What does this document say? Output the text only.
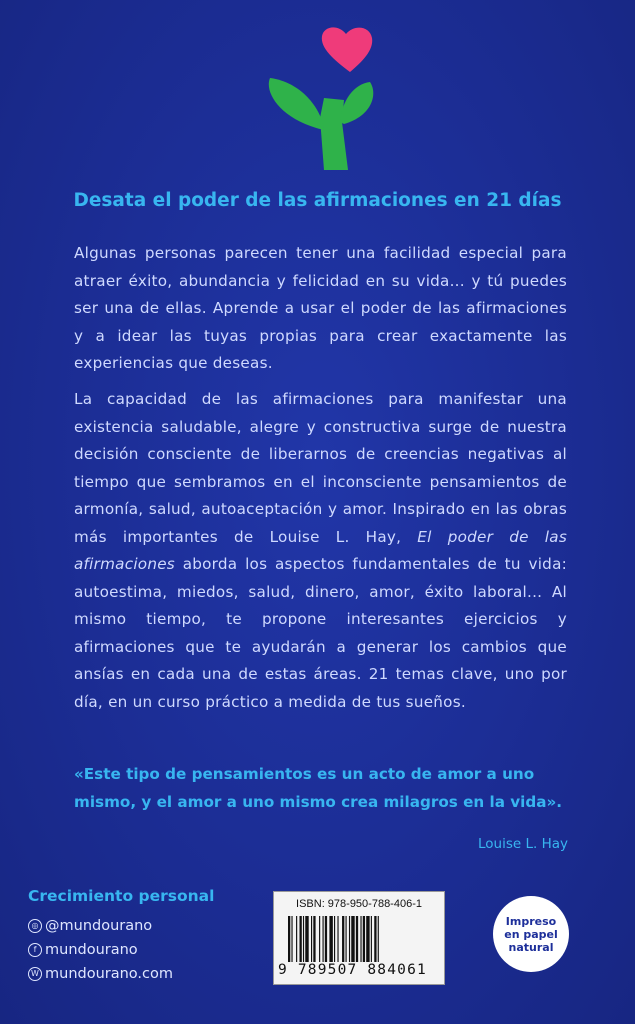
Desata el poder de las afirmaciones en 21 días
Algunas personas parecen tener una facilidad especial para atraer éxito, abundancia y felicidad en su vida... y tú puedes ser una de ellas. Aprende a usar el poder de las afirmaciones y a idear las tuyas propias para crear exactamente las experiencias que deseas.
La capacidad de las afirmaciones para manifestar una existencia saludable, alegre y constructiva surge de nuestra decisión consciente de liberarnos de creencias negativas al tiempo que sembramos en el inconsciente pensamientos de armonía, salud, autoaceptación y amor. Inspirado en las obras más importantes de Louise L. Hay, El poder de las afirmaciones aborda los aspectos fundamentales de tu vida: autoestima, miedos, salud, dinero, amor, éxito laboral... Al mismo tiempo, te propone interesantes ejercicios y afirmaciones que te ayudarán a generar los cambios que ansías en cada una de estas áreas. 21 temas clave, uno por día, en un curso práctico a medida de tus sueños.
«Este tipo de pensamientos es un acto de amor a uno mismo, y el amor a uno mismo crea milagros en la vida».
Louise L. Hay
Crecimiento personal
◎ @mundourano
f mundourano
W mundourano.com
ISBN: 978-950-788-406-1
9 789507 884061
Impreso
en papel
natural
